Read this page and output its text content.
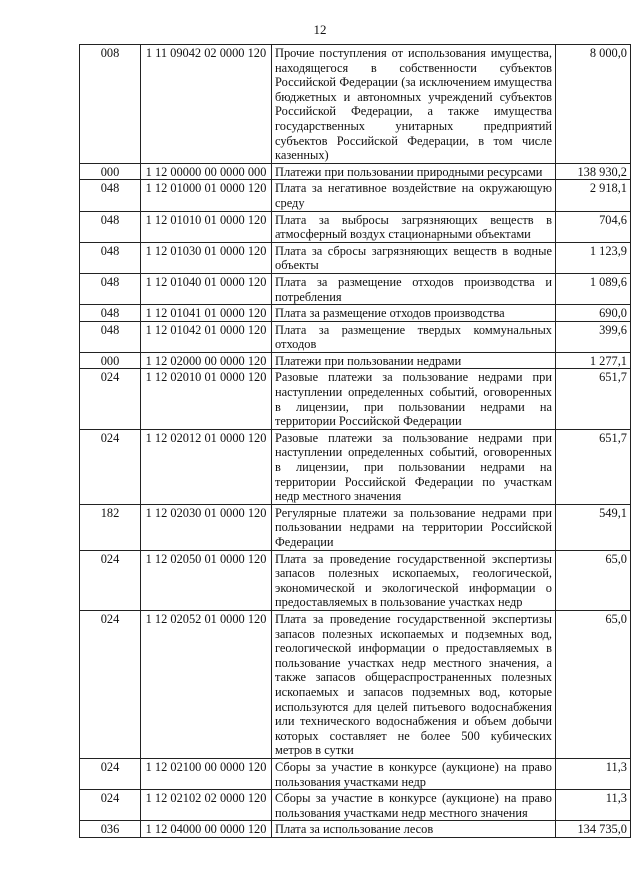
12
008	1 11 09042 02 0000 120	Прочие поступления от использования имущества, находящегося в собственности субъектов Российской Федерации (за исключением имущества бюджетных и автономных учреждений субъектов Российской Федерации, а также имущества государственных унитарных предприятий субъектов Российской Федерации, в том числе казенных)	8 000,0
000	1 12 00000 00 0000 000	Платежи при пользовании природными ресурсами	138 930,2
048	1 12 01000 01 0000 120	Плата за негативное воздействие на окружающую среду	2 918,1
048	1 12 01010 01 0000 120	Плата за выбросы загрязняющих веществ в атмосферный воздух стационарными объектами	704,6
048	1 12 01030 01 0000 120	Плата за сбросы загрязняющих веществ в водные объекты	1 123,9
048	1 12 01040 01 0000 120	Плата за размещение отходов производства и потребления	1 089,6
048	1 12 01041 01 0000 120	Плата за размещение отходов производства	690,0
048	1 12 01042 01 0000 120	Плата за размещение твердых коммунальных отходов	399,6
000	1 12 02000 00 0000 120	Платежи при пользовании недрами	1 277,1
024	1 12 02010 01 0000 120	Разовые платежи за пользование недрами при наступлении определенных событий, оговоренных в лицензии, при пользовании недрами на территории Российской Федерации	651,7
024	1 12 02012 01 0000 120	Разовые платежи за пользование недрами при наступлении определенных событий, оговоренных в лицензии, при пользовании недрами на территории Российской Федерации по участкам недр местного значения	651,7
182	1 12 02030 01 0000 120	Регулярные платежи за пользование недрами при пользовании недрами на территории Российской Федерации	549,1
024	1 12 02050 01 0000 120	Плата за проведение государственной экспертизы запасов полезных ископаемых, геологической, экономической и экологической информации о предоставляемых в пользование участках недр	65,0
024	1 12 02052 01 0000 120	Плата за проведение государственной экспертизы запасов полезных ископаемых и подземных вод, геологической информации о предоставляемых в пользование участках недр местного значения, а также запасов общераспространенных полезных ископаемых и запасов подземных вод, которые используются для целей питьевого водоснабжения или технического водоснабжения и объем добычи которых составляет не более 500 кубических метров в сутки	65,0
024	1 12 02100 00 0000 120	Сборы за участие в конкурсе (аукционе) на право пользования участками недр	11,3
024	1 12 02102 02 0000 120	Сборы за участие в конкурсе (аукционе) на право пользования участками недр местного значения	11,3
036	1 12 04000 00 0000 120	Плата за использование лесов	134 735,0
